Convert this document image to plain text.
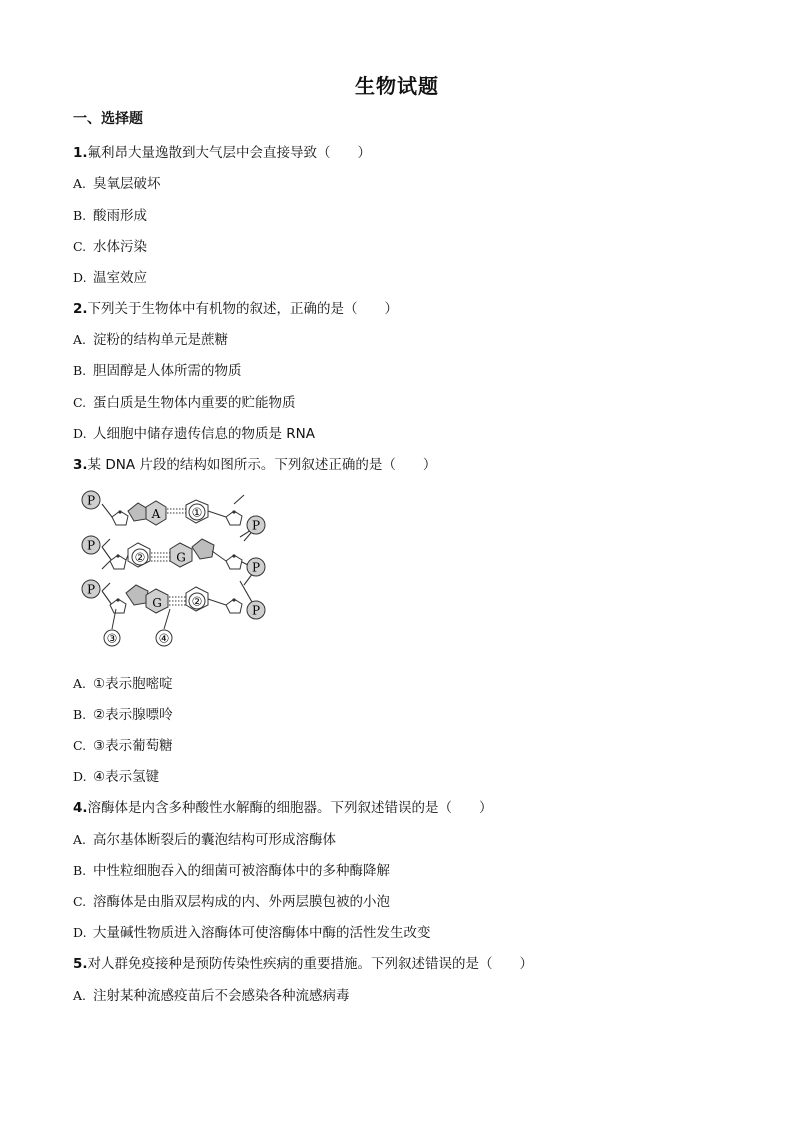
生物试题
一、选择题
1.氟利昂大量逸散到大气层中会直接导致（　　）
A. 臭氧层破坏
B. 酸雨形成
C. 水体污染
D. 温室效应
2.下列关于生物体中有机物的叙述，正确的是（　　）
A. 淀粉的结构单元是蔗糖
B. 胆固醇是人体所需的物质
C. 蛋白质是生物体内重要的贮能物质
D. 人细胞中储存遗传信息的物质是 RNA
3.某 DNA 片段的结构如图所示。下列叙述正确的是（　　）
P
P
P
P
P
P
A	①
②	G
G ②
③	④
A. ①表示胞嘧啶
B. ②表示腺嘌呤
C. ③表示葡萄糖
D. ④表示氢键
4.溶酶体是内含多种酸性水解酶的细胞器。下列叙述错误的是（　　）
A. 高尔基体断裂后的囊泡结构可形成溶酶体
B. 中性粒细胞吞入的细菌可被溶酶体中的多种酶降解
C. 溶酶体是由脂双层构成的内、外两层膜包被的小泡
D. 大量碱性物质进入溶酶体可使溶酶体中酶的活性发生改变
5.对人群免疫接种是预防传染性疾病的重要措施。下列叙述错误的是（　　）
A. 注射某种流感疫苗后不会感染各种流感病毒
